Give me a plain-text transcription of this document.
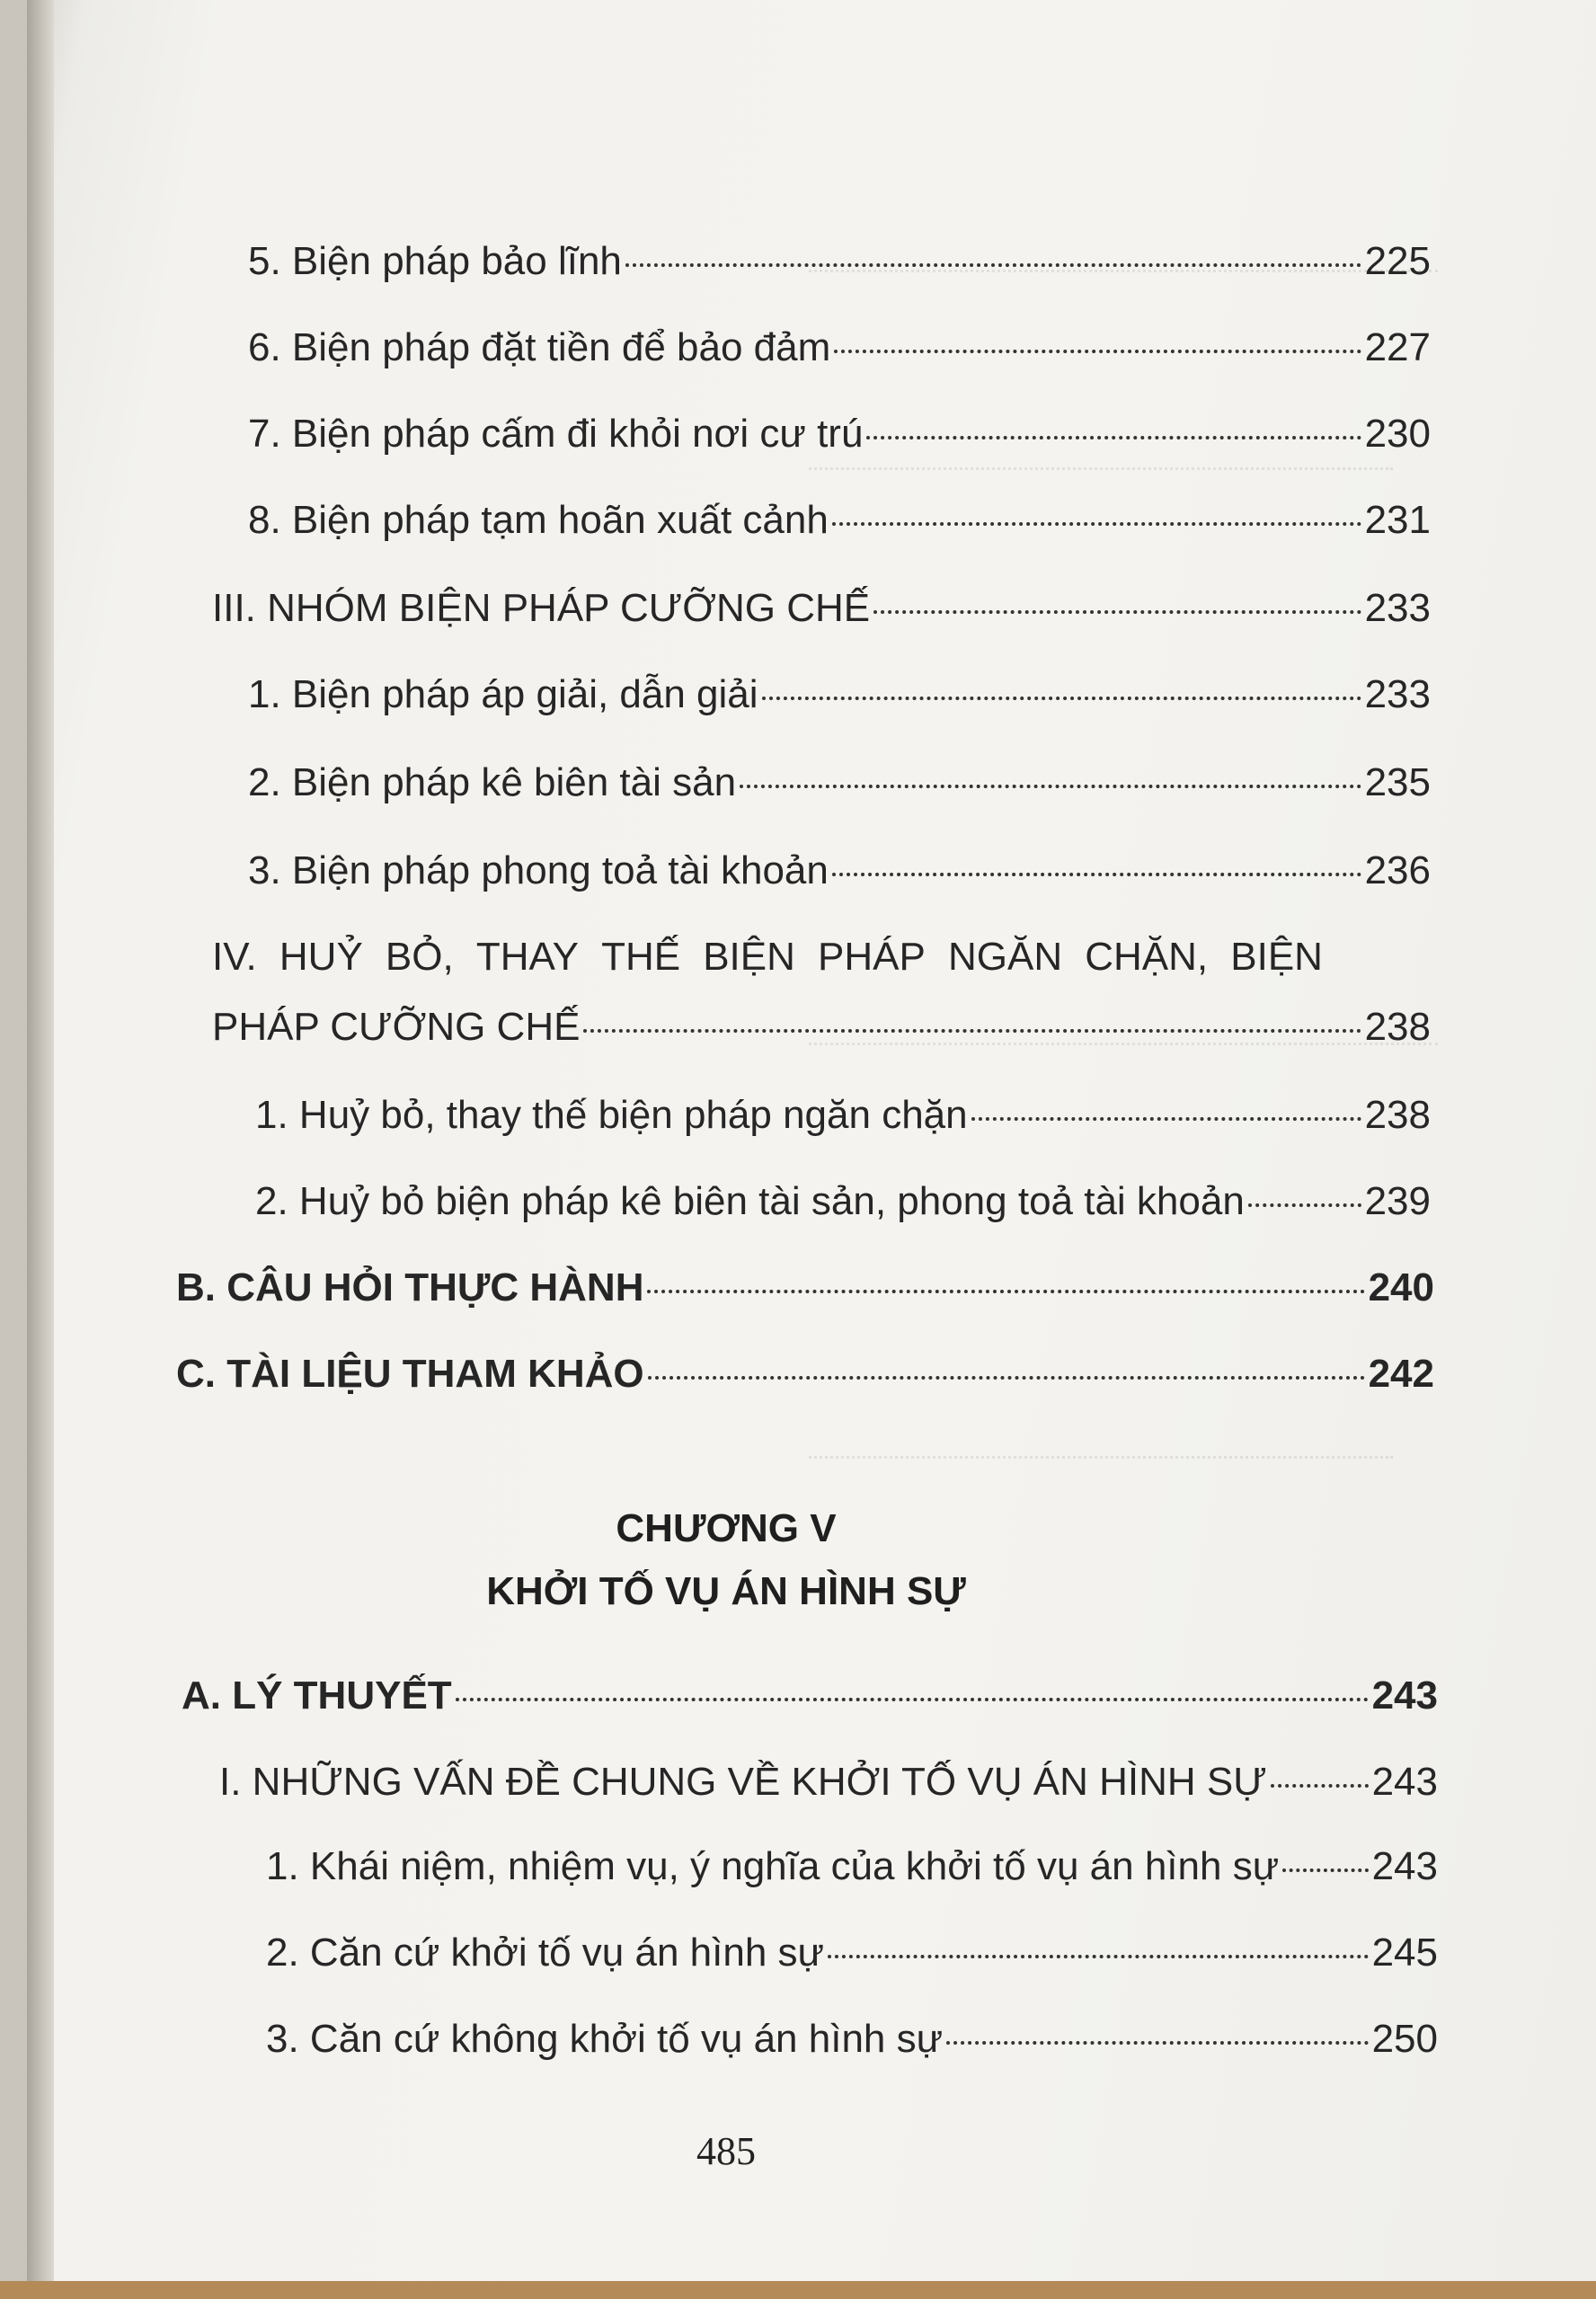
5. Biện pháp bảo lĩnh	225
6. Biện pháp đặt tiền để bảo đảm	227
7. Biện pháp cấm đi khỏi nơi cư trú	230
8. Biện pháp tạm hoãn xuất cảnh	231
III. NHÓM BIỆN PHÁP CƯỠNG CHẾ	233
1. Biện pháp áp giải, dẫn giải	233
2. Biện pháp kê biên tài sản	235
3. Biện pháp phong toả tài khoản	236
IV. HUỶ BỎ, THAY THẾ BIỆN PHÁP NGĂN CHẶN, BIỆN
PHÁP CƯỠNG CHẾ	238
1. Huỷ bỏ, thay thế biện pháp ngăn chặn	238
2. Huỷ bỏ biện pháp kê biên tài sản, phong toả tài khoản	239
B. CÂU HỎI THỰC HÀNH	240
C. TÀI LIỆU THAM KHẢO	242
CHƯƠNG V
KHỞI TỐ VỤ ÁN HÌNH SỰ
A. LÝ THUYẾT	243
I. NHỮNG VẤN ĐỀ CHUNG VỀ KHỞI TỐ VỤ ÁN HÌNH SỰ	243
1. Khái niệm, nhiệm vụ, ý nghĩa của khởi tố vụ án hình sự 243
2. Căn cứ khởi tố vụ án hình sự	245
3. Căn cứ không khởi tố vụ án hình sự	250
485
